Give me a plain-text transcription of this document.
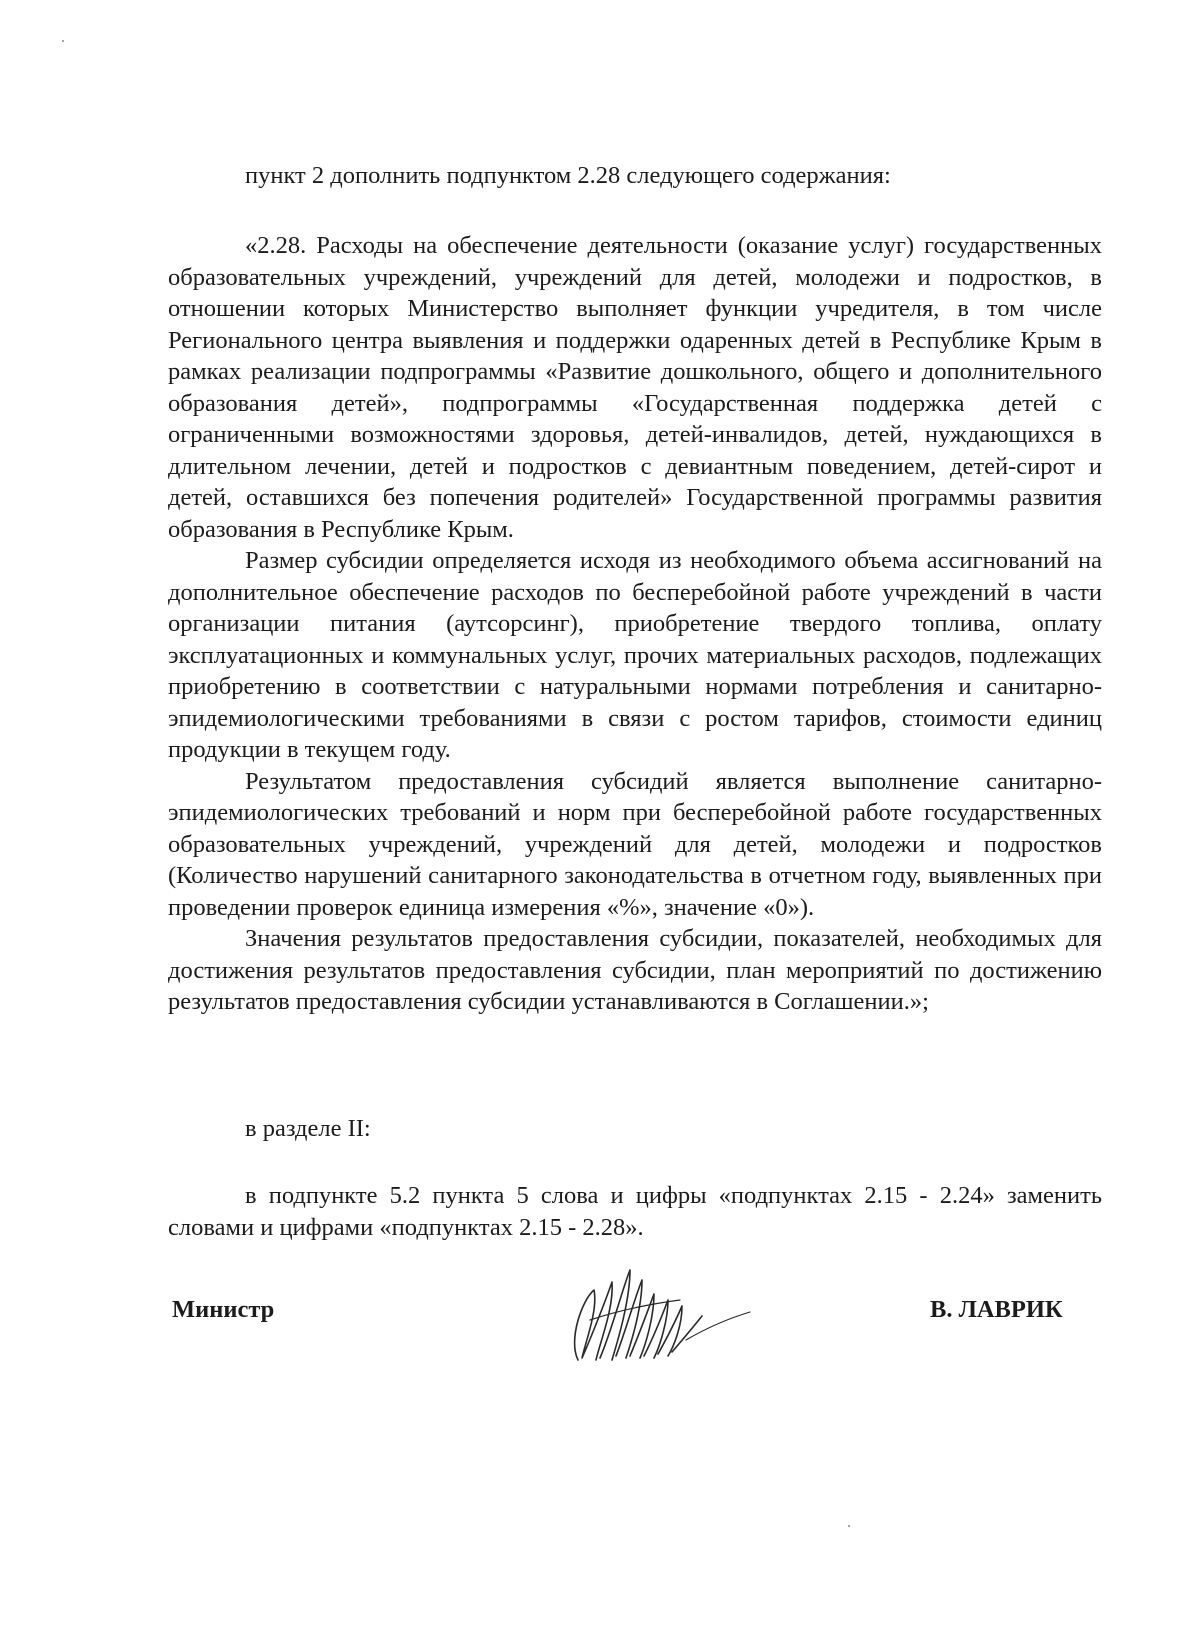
пункт 2 дополнить подпунктом 2.28 следующего содержания:

«2.28. Расходы на обеспечение деятельности (оказание услуг) государственных образовательных учреждений, учреждений для детей, молодежи и подростков, в отношении которых Министерство выполняет функции учредителя, в том числе Регионального центра выявления и поддержки одаренных детей в Республике Крым в рамках реализации подпрограммы «Развитие дошкольного, общего и дополнительного образования детей», подпрограммы «Государственная поддержка детей с ограниченными возможностями здоровья, детей-инвалидов, детей, нуждающихся в длительном лечении, детей и подростков с девиантным поведением, детей-сирот и детей, оставшихся без попечения родителей» Государственной программы развития образования в Республике Крым.

Размер субсидии определяется исходя из необходимого объема ассигнований на дополнительное обеспечение расходов по бесперебойной работе учреждений в части организации питания (аутсорсинг), приобретение твердого топлива, оплату эксплуатационных и коммунальных услуг, прочих материальных расходов, подлежащих приобретению в соответствии с натуральными нормами потребления и санитарно-эпидемиологическими требованиями в связи с ростом тарифов, стоимости единиц продукции в текущем году.

Результатом предоставления субсидий является выполнение санитарно-эпидемиологических требований и норм при бесперебойной работе государственных образовательных учреждений, учреждений для детей, молодежи и подростков (Количество нарушений санитарного законодательства в отчетном году, выявленных при проведении проверок единица измерения «%», значение «0»).

Значения результатов предоставления субсидии, показателей, необходимых для достижения результатов предоставления субсидии, план мероприятий по достижению результатов предоставления субсидии устанавливаются в Соглашении.»;

в разделе II:

в подпункте 5.2 пункта 5 слова и цифры «подпунктах 2.15 - 2.24» заменить словами и цифрами «подпунктах 2.15 - 2.28».

Министр	В. ЛАВРИК
